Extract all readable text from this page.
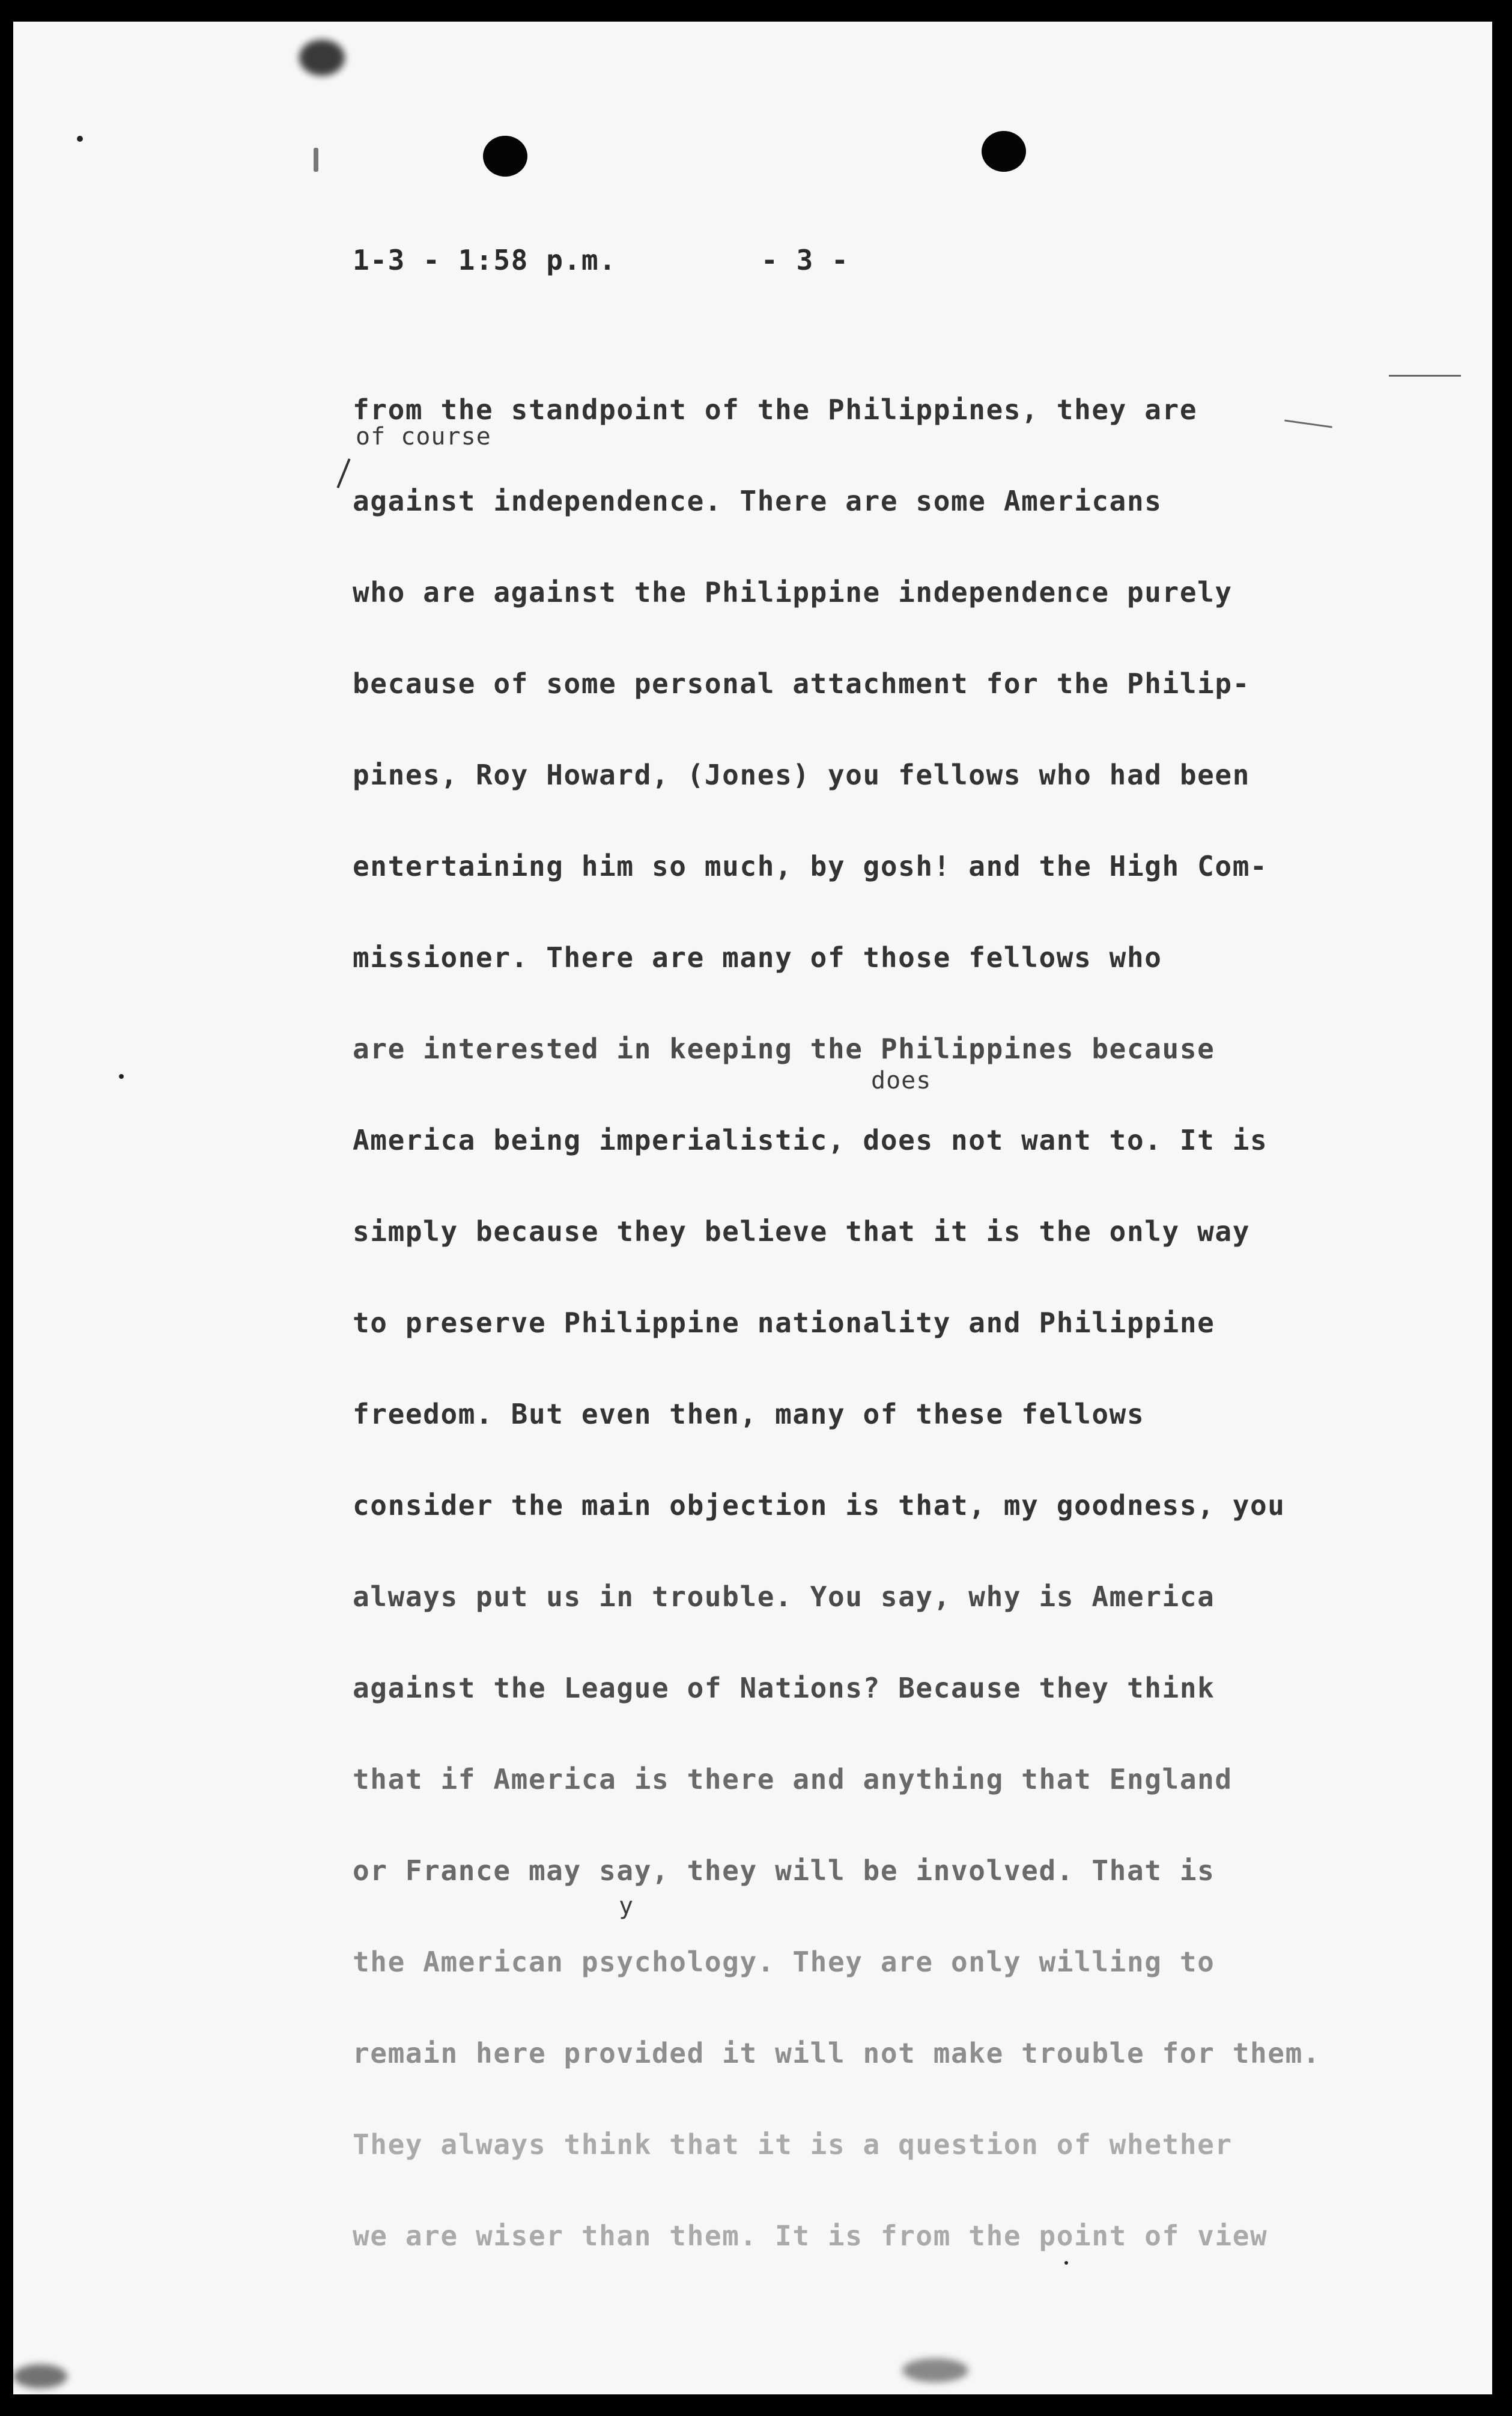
1-3 - 1:58 p.m.	- 3 -
of course
does
y
from the standpoint of the Philippines, they are
against independence. There are some Americans
who are against the Philippine independence purely
because of some personal attachment for the Philip-
pines, Roy Howard, (Jones) you fellows who had been
entertaining him so much, by gosh! and the High Com-
missioner. There are many of those fellows who
are interested in keeping the Philippines because
America being imperialistic, does not want to. It is
simply because they believe that it is the only way
to preserve Philippine nationality and Philippine
freedom. But even then, many of these fellows
consider the main objection is that, my goodness, you
always put us in trouble. You say, why is America
against the League of Nations? Because they think
that if America is there and anything that England
or France may say, they will be involved. That is
the American psychology. They are only willing to
remain here provided it will not make trouble for them.
They always think that it is a question of whether
we are wiser than them. It is from the point of view
